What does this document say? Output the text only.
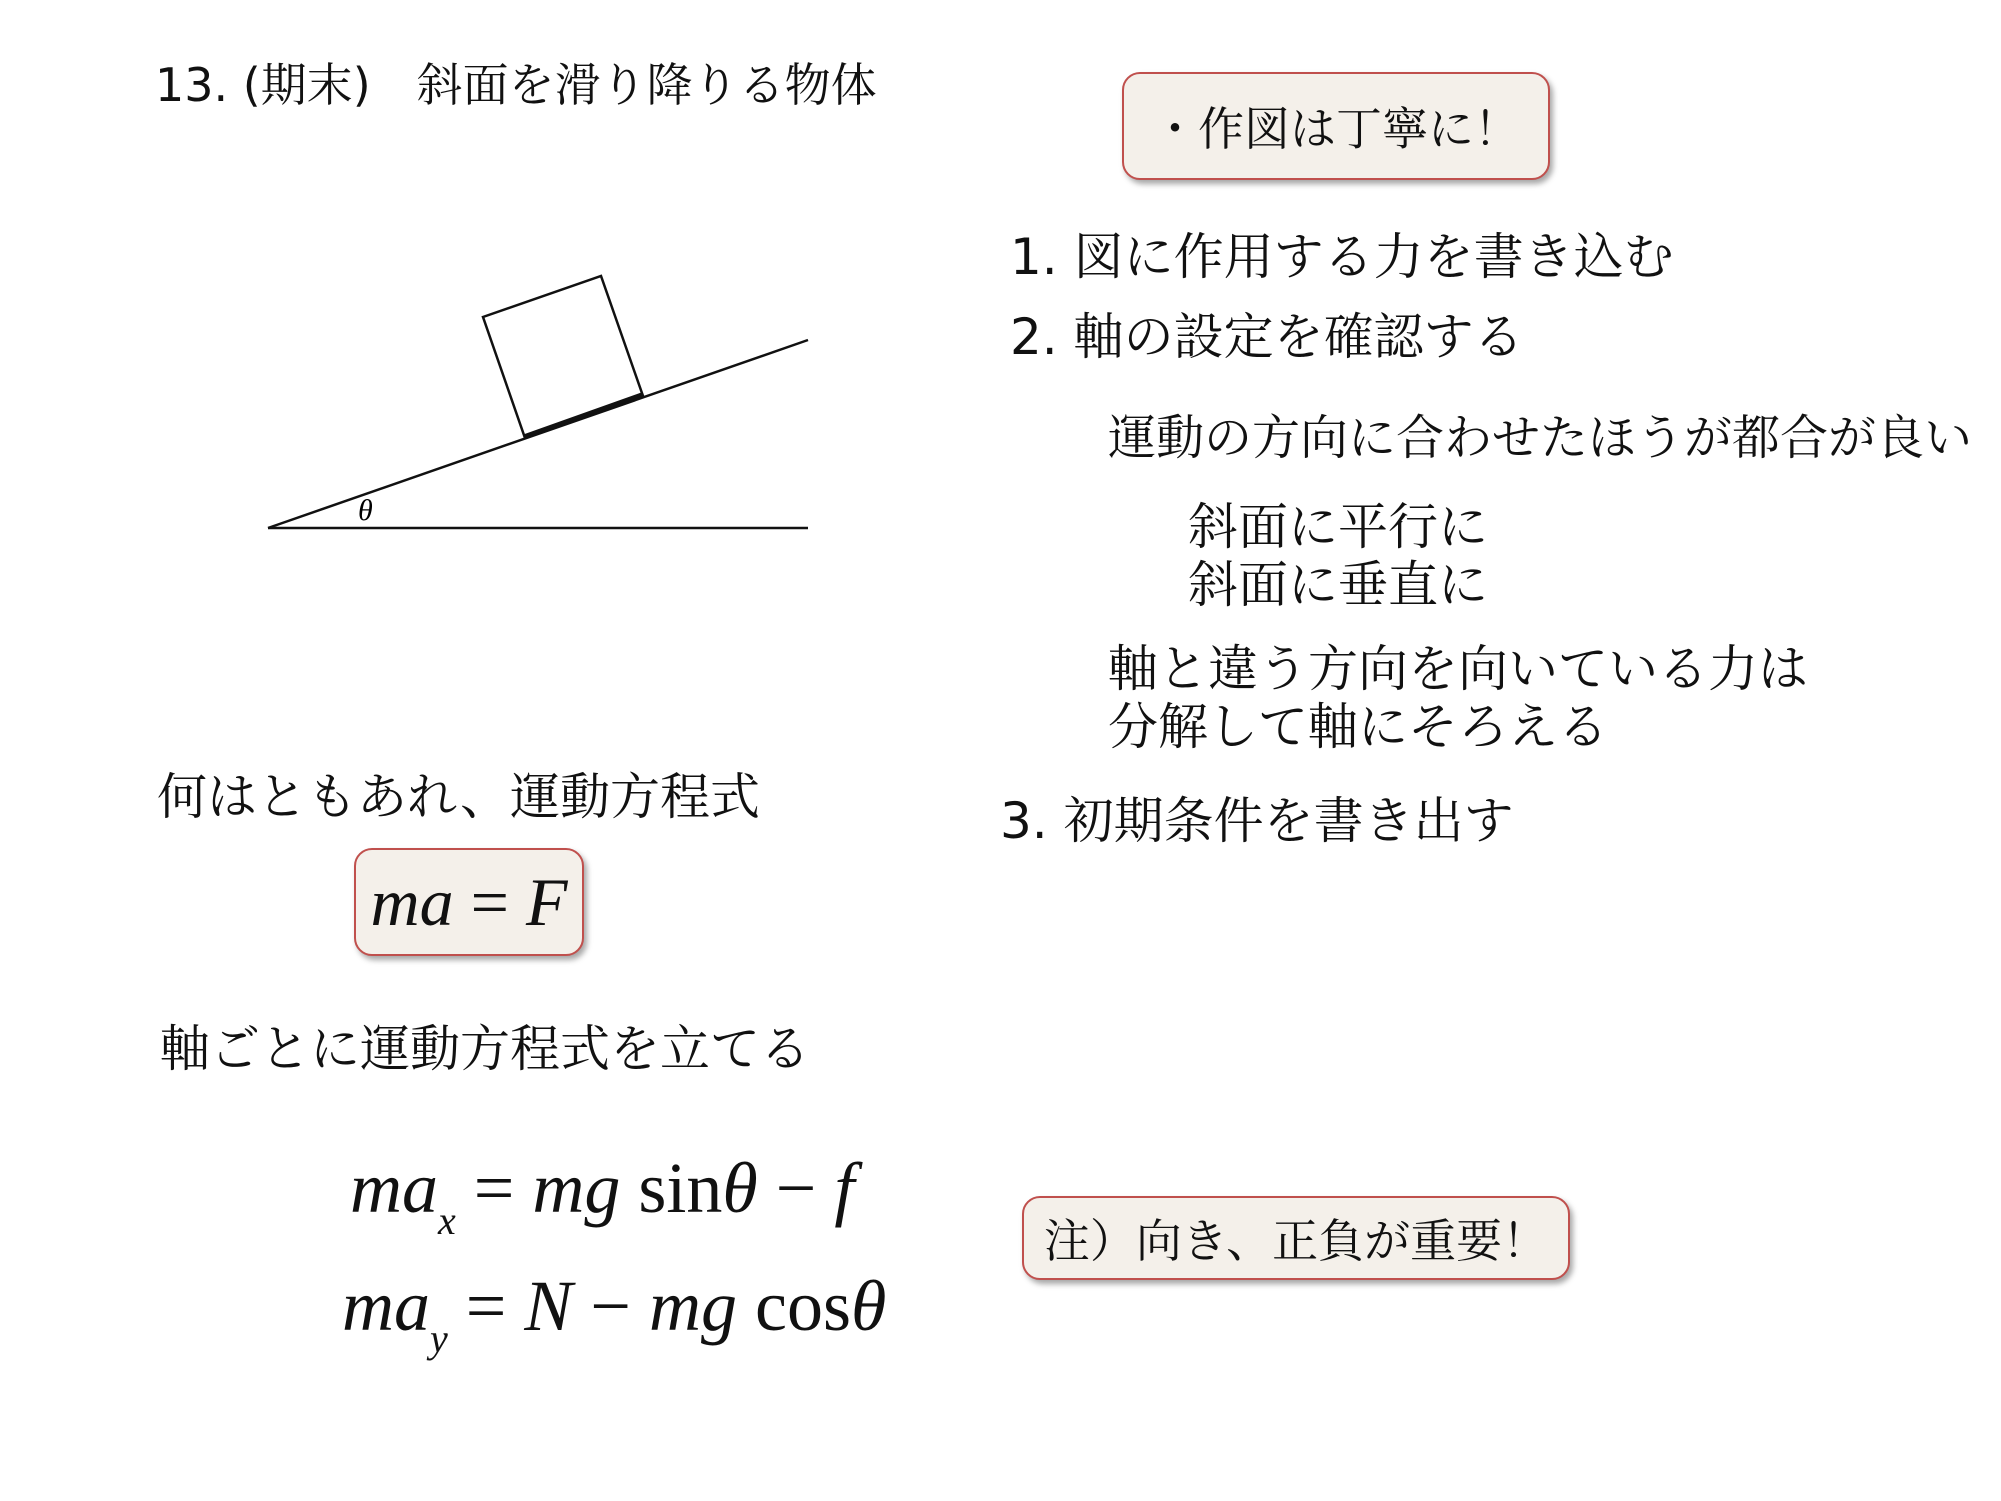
13. (期末)　斜面を滑り降りる物体
θ
・作図は丁寧に！
1. 図に作用する力を書き込む
2. 軸の設定を確認する
運動の方向に合わせたほうが都合が良い
斜面に平行に
斜面に垂直に
軸と違う方向を向いている力は
分解して軸にそろえる
3. 初期条件を書き出す
何はともあれ、運動方程式
ma = F
軸ごとに運動方程式を立てる
$ma_x$ = mg sinθ − f
$ma_y = N$ − mg cosθ
注）向き、正負が重要！
